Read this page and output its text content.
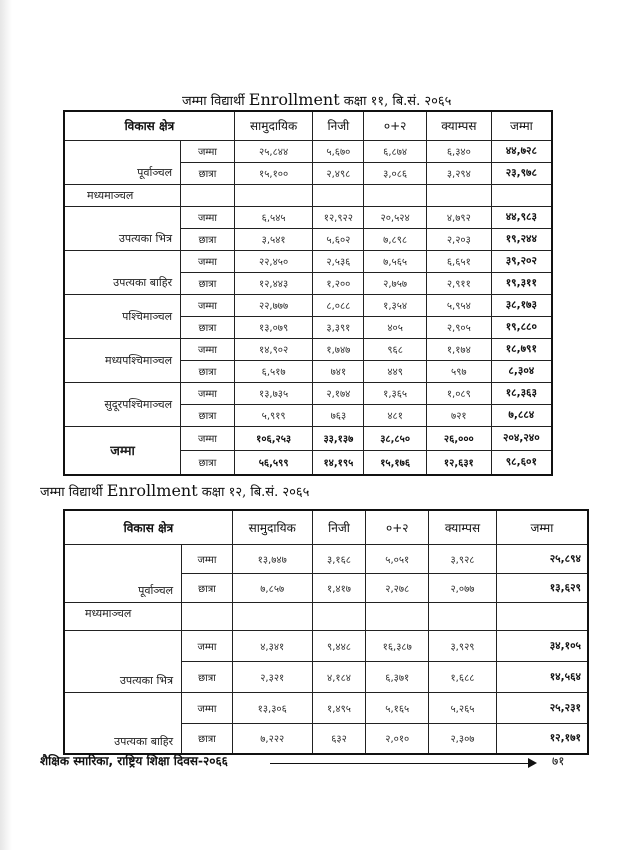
जम्मा विद्यार्थी Enrollment कक्षा ११, बि.सं. २०६५
विकास क्षेत्र		सामुदायिक	निजी	०+२	क्याम्पस	जम्मा
पूर्वाञ्चल	जम्मा	२५,८४४	५,६७०	६,८७४	६,३४०	४४,७२८
	छात्रा	१५,१००	२,४९८	३,०८६	३,२९४	२३,९७८
मध्यमाञ्चल						
उपत्यका भित्र	जम्मा	६,५४५	१२,९२२	२०,५२४	४,७९२	४४,९८३
	छात्रा	३,५४१	५,६०२	७,८९८	२,२०३	१९,२४४
उपत्यका बाहिर	जम्मा	२२,४५०	२,५३६	७,५६५	६,६५१	३९,२०२
	छात्रा	१२,४४३	१,२००	२,७५७	२,९११	१९,३११
पश्चिमाञ्चल	जम्मा	२२,७७७	८,०८८	१,३५४	५,९५४	३८,१७३
	छात्रा	१३,०७९	३,३९१	४०५	२,९०५	१९,८८०
मध्यपश्चिमाञ्चल	जम्मा	१४,९०२	१,७४७	९६८	१,१७४	१८,७९१
	छात्रा	६,५१७	७४१	४४९	५९७	८,३०४
सुदूरपश्चिमाञ्चल	जम्मा	१३,७३५	२,१७४	१,३६५	१,०८९	१८,३६३
	छात्रा	५,९१९	७६३	४८१	७२१	७,८८४
जम्मा	जम्मा	१०६,२५३	३३,१३७	३८,८५०	२६,०००	२०४,२४०
	छात्रा	५६,५९९	१४,१९५	१५,१७६	१२,६३१	९८,६०१
जम्मा विद्यार्थी Enrollment कक्षा १२, बि.सं. २०६५
विकास क्षेत्र		सामुदायिक	निजी	०+२	क्याम्पस	जम्मा
पूर्वाञ्चल	जम्मा	१३,७४७	३,१६८	५,०५१	३,९२८	२५,८९४
	छात्रा	७,८५७	१,४१७	२,२७८	२,०७७	१३,६२९
मध्यमाञ्चल						
उपत्यका भित्र	जम्मा	४,३४१	९,४४८	१६,३८७	३,९२९	३४,१०५
	छात्रा	२,३२१	४,१८४	६,३७१	१,६८८	१४,५६४
उपत्यका बाहिर	जम्मा	१३,३०६	१,४९५	५,१६५	५,२६५	२५,२३१
	छात्रा	७,२२२	६३२	२,०१०	२,३०७	१२,१७१
शैक्षिक स्मारिका, राष्ट्रिय शिक्षा दिवस-२०६६	७१
